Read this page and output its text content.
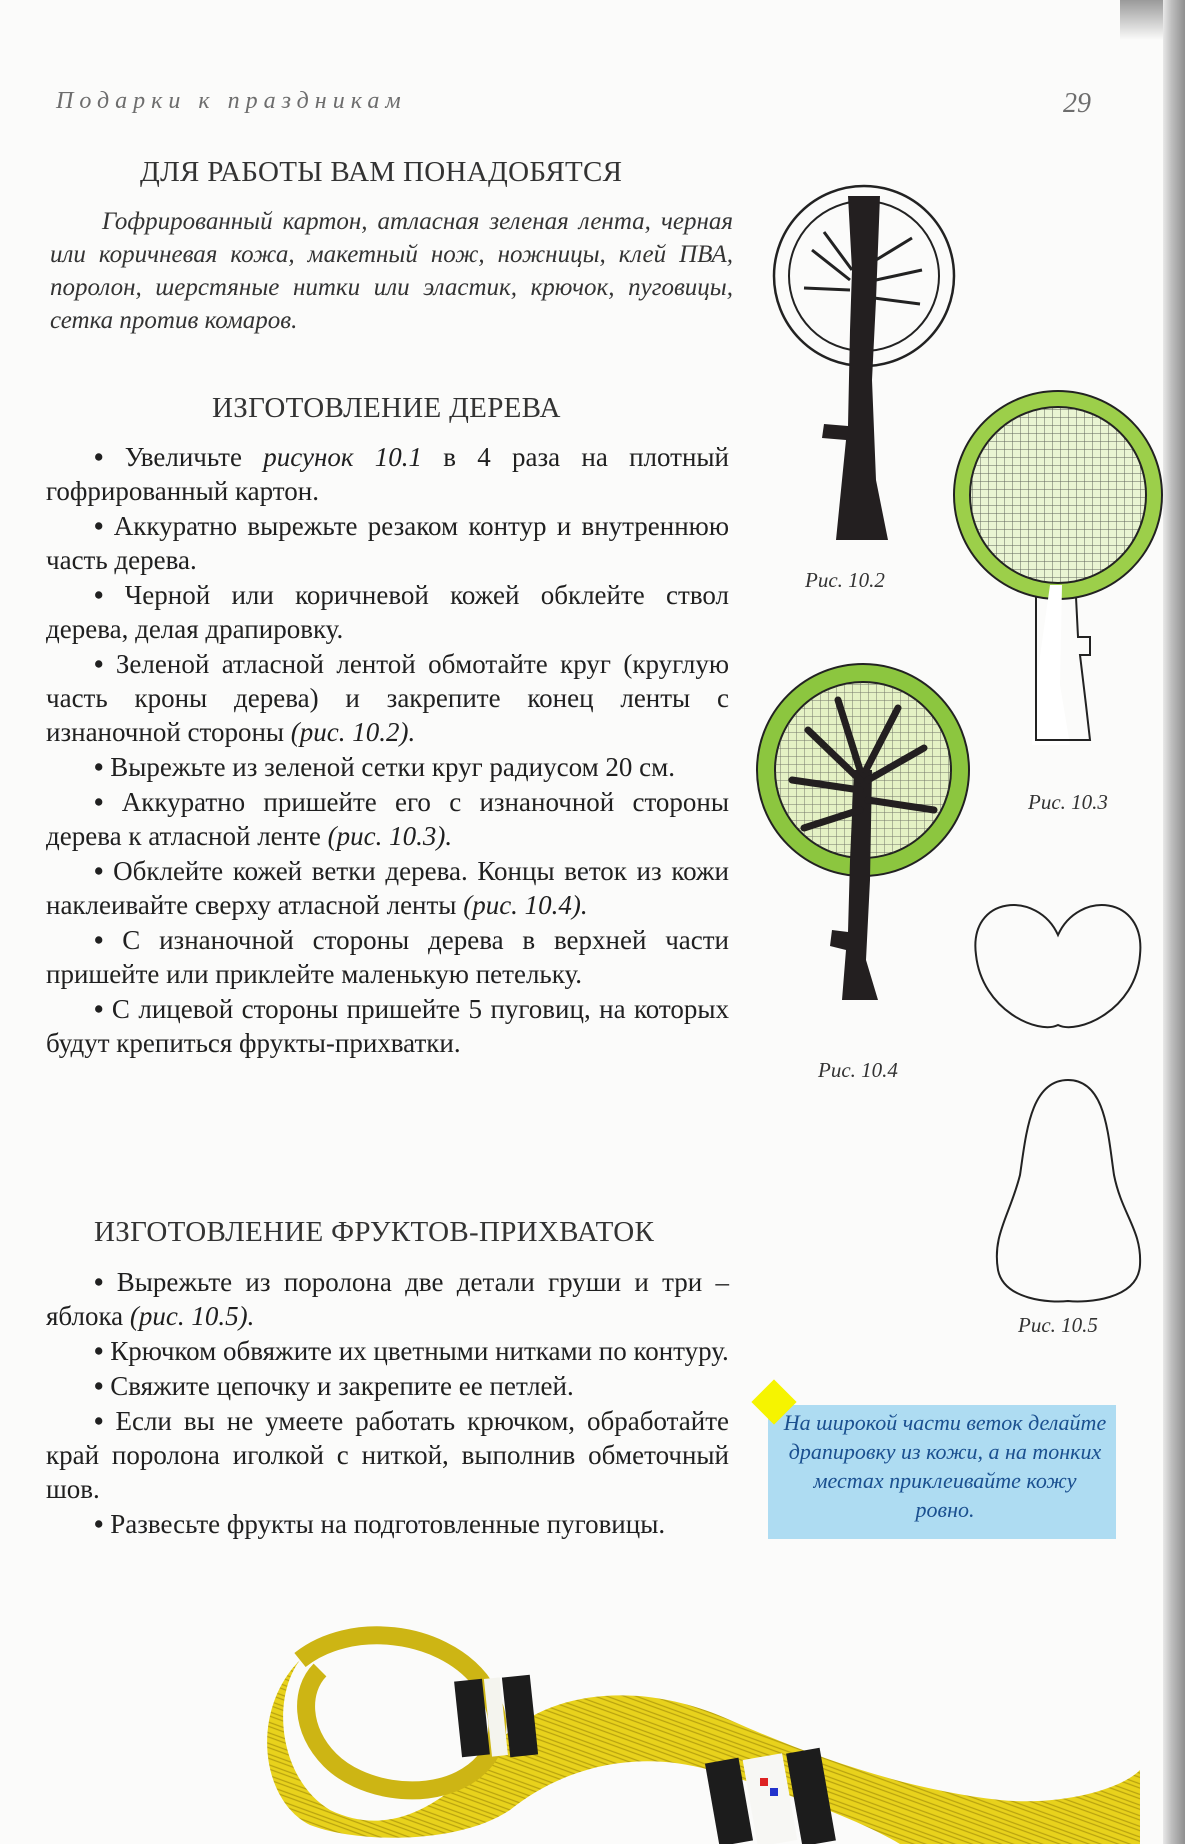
Подарки к праздникам	29
ДЛЯ РАБОТЫ ВАМ ПОНАДОБЯТСЯ

Гофрированный картон, атласная зеленая лента, черная или коричневая кожа, макетный нож, ножницы, клей ПВА, поролон, шерстяные нитки или эластик, крючок, пуговицы, сетка против комаров.

ИЗГОТОВЛЕНИЕ ДЕРЕВА
• Увеличьте рисунок 10.1 в 4 раза на плотный гофрированный картон.
• Аккуратно вырежьте резаком контур и внутреннюю часть дерева.
• Черной или коричневой кожей обклейте ствол дерева, делая драпировку.
• Зеленой атласной лентой обмотайте круг (круглую часть кроны дерева) и закрепите конец ленты с изнаночной стороны (рис. 10.2).
• Вырежьте из зеленой сетки круг радиусом 20 см.
• Аккуратно пришейте его с изнаночной стороны дерева к атласной ленте (рис. 10.3).
• Обклейте кожей ветки дерева. Концы веток из кожи наклеивайте сверху атласной ленты (рис. 10.4).
• С изнаночной стороны дерева в верхней части пришейте или приклейте маленькую петельку.
• С лицевой стороны пришейте 5 пуговиц, на которых будут крепиться фрукты-прихватки.
ИЗГОТОВЛЕНИЕ ФРУКТОВ-ПРИХВАТОК
• Вырежьте из поролона две детали груши и три – яблока (рис. 10.5).
• Крючком обвяжите их цветными нитками по контуру.
• Свяжите цепочку и закрепите ее петлей.
• Если вы не умеете работать крючком, обработайте край поролона иголкой с ниткой, выполнив обметочный шов.
• Развесьте фрукты на подготовленные пуговицы.
Рис. 10.2
Рис. 10.3
Рис. 10.4
Рис. 10.5

На широкой части веток делайте драпировку из кожи, а на тонких местах приклеивайте кожу ровно.
